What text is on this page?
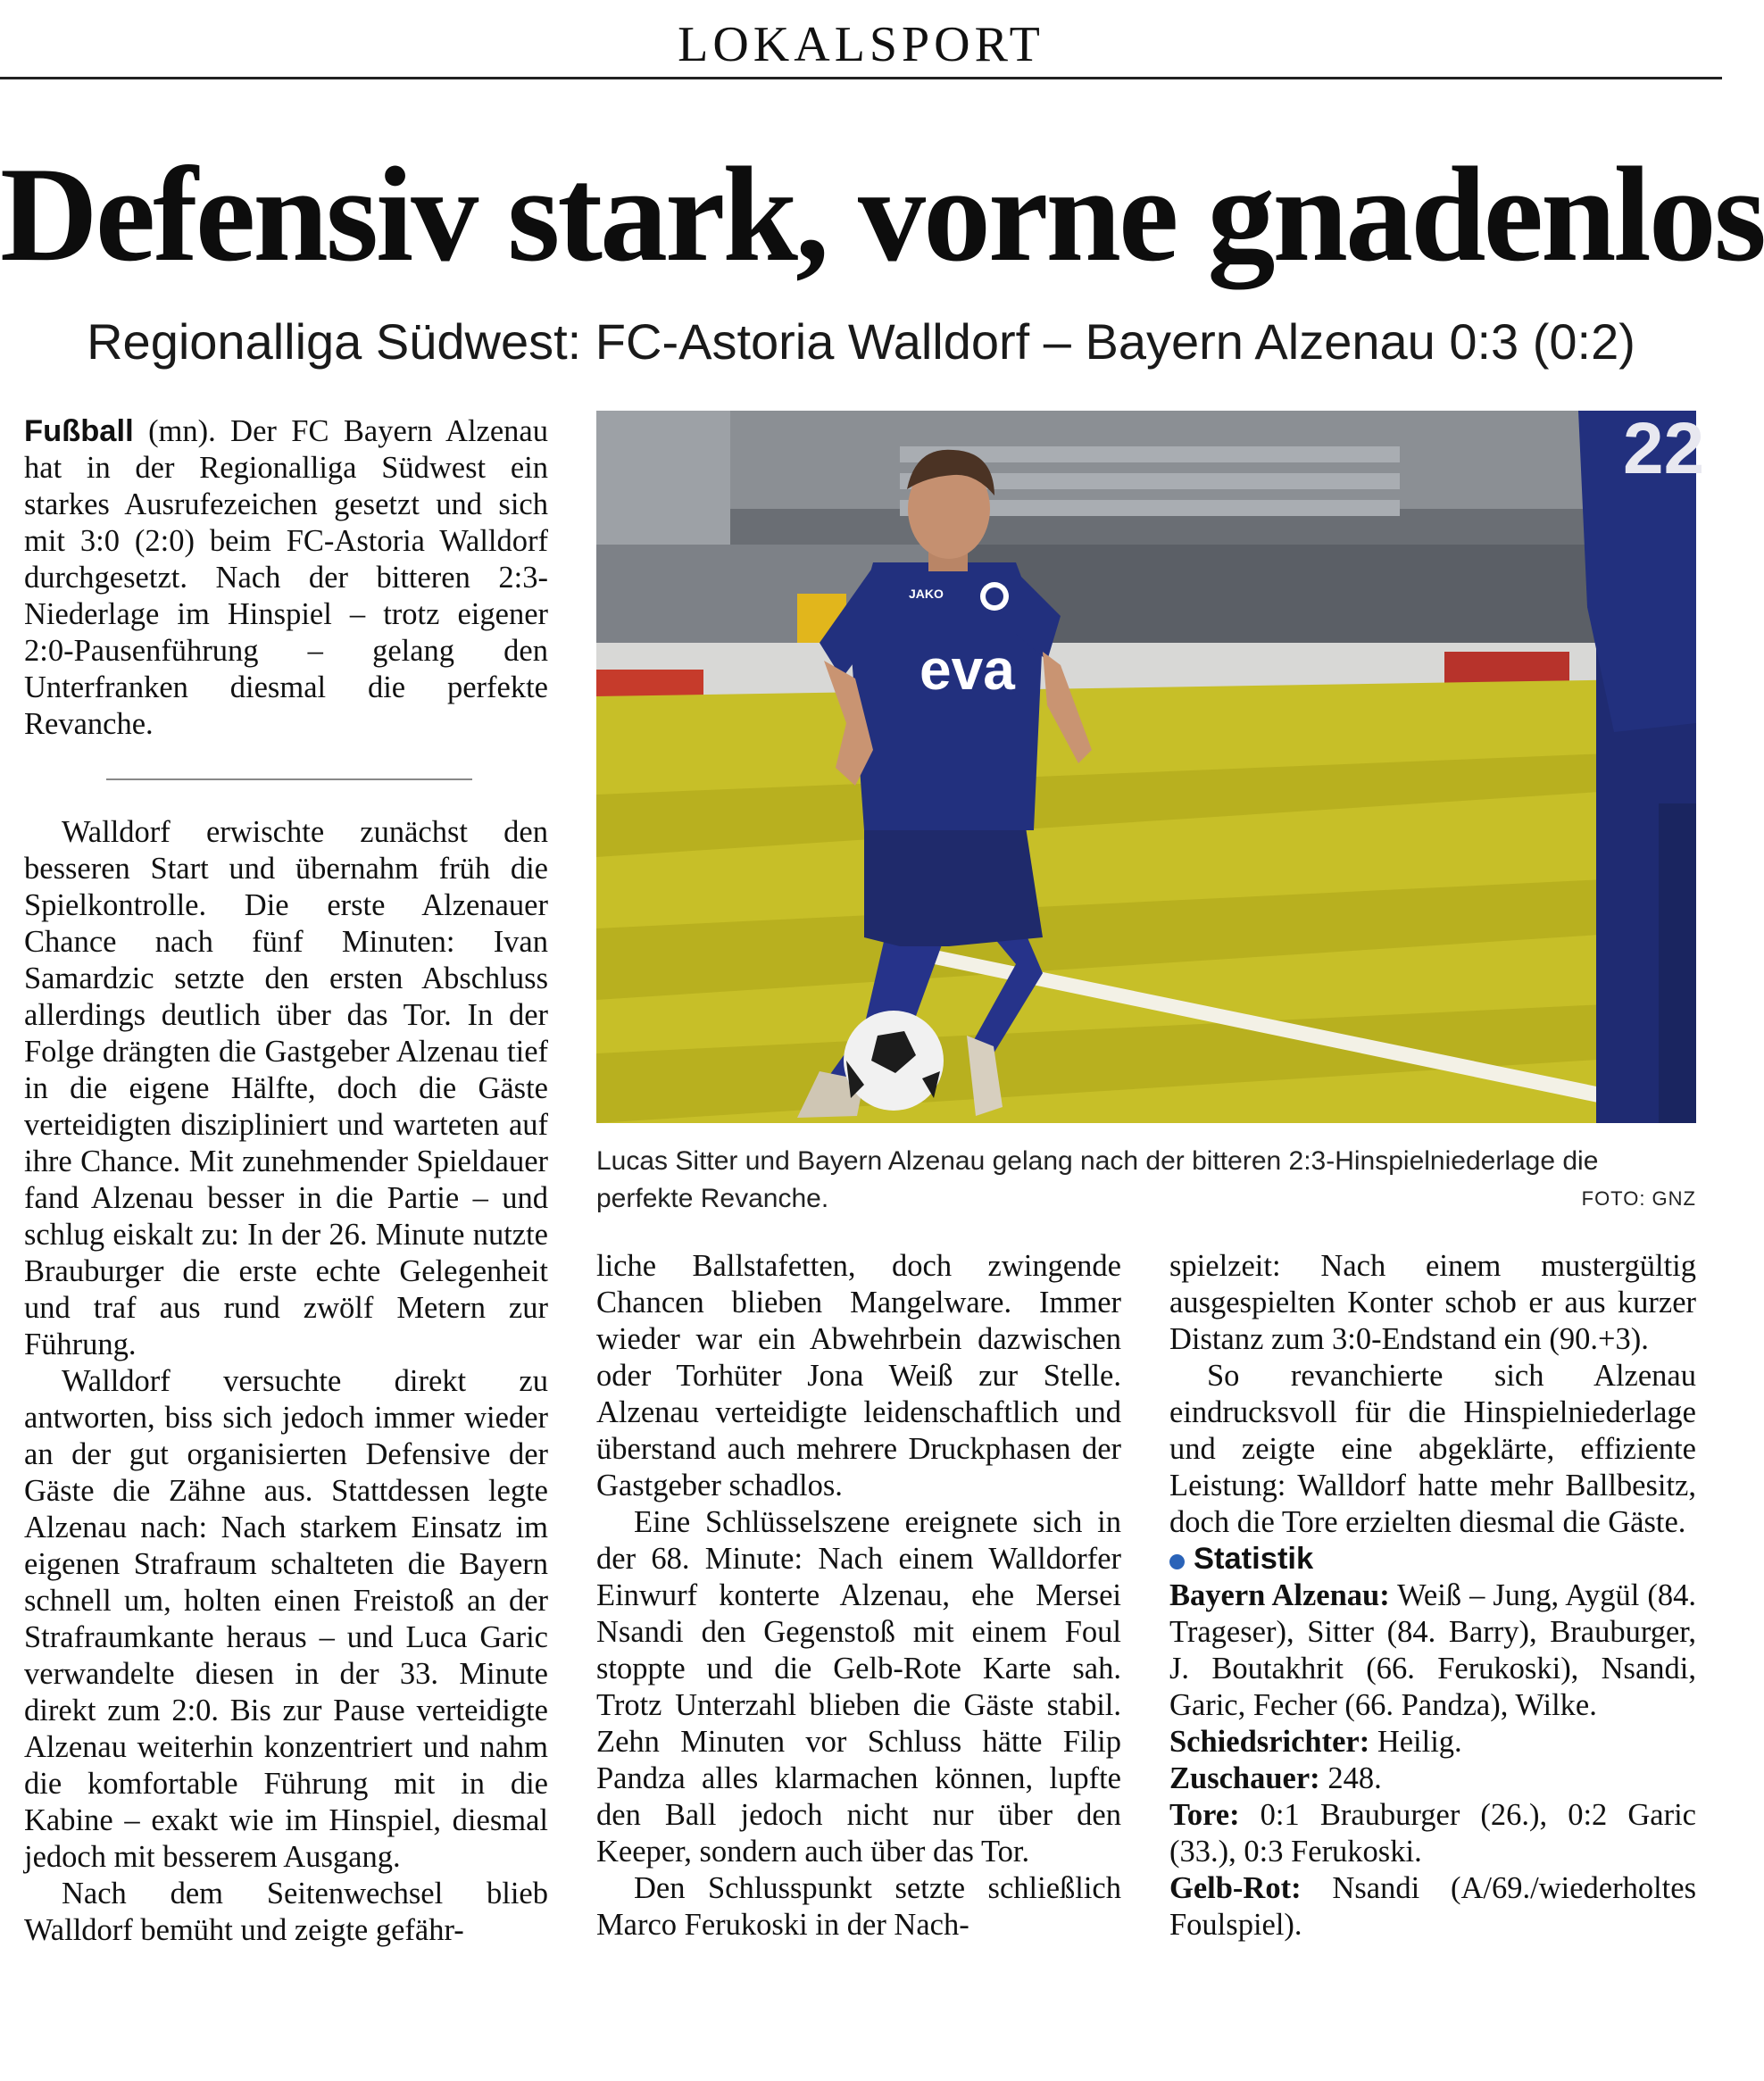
LOKALSPORT
Defensiv stark, vorne gnadenlos
Regionalliga Südwest: FC-Astoria Walldorf – Bayern Alzenau 0:3 (0:2)

Fußball (mn). Der FC Bayern Alzenau hat in der Regionalliga Südwest ein starkes Ausrufezeichen gesetzt und sich mit 3:0 (2:0) beim FC-Astoria Walldorf durchgesetzt. Nach der bitteren 2:3-Niederlage im Hinspiel – trotz eigener 2:0-Pausenführung – gelang den Unterfranken diesmal die perfekte Revanche.

Walldorf erwischte zunächst den besseren Start und übernahm früh die Spielkontrolle. Die erste Alzenauer Chance nach fünf Minuten: Ivan Samardzic setzte den ersten Abschluss allerdings deutlich über das Tor. In der Folge drängten die Gastgeber Alzenau tief in die eigene Hälfte, doch die Gäste verteidigten diszipliniert und warteten auf ihre Chance. Mit zunehmender Spieldauer fand Alzenau besser in die Partie – und schlug eiskalt zu: In der 26. Minute nutzte Brauburger die erste echte Gelegenheit und traf aus rund zwölf Metern zur Führung.

Walldorf versuchte direkt zu antworten, biss sich jedoch immer wieder an der gut organisierten Defensive der Gäste die Zähne aus. Stattdessen legte Alzenau nach: Nach starkem Einsatz im eigenen Strafraum schalteten die Bayern schnell um, holten einen Freistoß an der Strafraumkante heraus – und Luca Garic verwandelte diesen in der 33. Minute direkt zum 2:0. Bis zur Pause verteidigte Alzenau weiterhin konzentriert und nahm die komfortable Führung mit in die Kabine – exakt wie im Hinspiel, diesmal jedoch mit besserem Ausgang.

Nach dem Seitenwechsel blieb Walldorf bemüht und zeigte gefähr-

22
eva
JAKO
Lucas Sitter und Bayern Alzenau gelang nach der bitteren 2:3-Hinspielniederlage die perfekte Revanche.	FOTO: GNZ

liche Ballstafetten, doch zwingende Chancen blieben Mangelware. Immer wieder war ein Abwehrbein dazwischen oder Torhüter Jona Weiß zur Stelle. Alzenau verteidigte leidenschaftlich und überstand auch mehrere Druckphasen der Gastgeber schadlos.

Eine Schlüsselszene ereignete sich in der 68. Minute: Nach einem Walldorfer Einwurf konterte Alzenau, ehe Mersei Nsandi den Gegenstoß mit einem Foul stoppte und die Gelb-Rote Karte sah. Trotz Unterzahl blieben die Gäste stabil. Zehn Minuten vor Schluss hätte Filip Pandza alles klarmachen können, lupfte den Ball jedoch nicht nur über den Keeper, sondern auch über das Tor.

Den Schlusspunkt setzte schließlich Marco Ferukoski in der Nach-

spielzeit: Nach einem mustergültig ausgespielten Konter schob er aus kurzer Distanz zum 3:0-Endstand ein (90.+3).

So revanchierte sich Alzenau eindrucksvoll für die Hinspielniederlage und zeigte eine abgeklärte, effiziente Leistung: Walldorf hatte mehr Ballbesitz, doch die Tore erzielten diesmal die Gäste.

Statistik

Bayern Alzenau: Weiß – Jung, Aygül (84. Trageser), Sitter (84. Barry), Brauburger, J. Boutakhrit (66. Ferukoski), Nsandi, Garic, Fecher (66. Pandza), Wilke.

Schiedsrichter: Heilig.

Zuschauer: 248.

Tore: 0:1 Brauburger (26.), 0:2 Garic (33.), 0:3 Ferukoski.

Gelb-Rot: Nsandi (A/69./wiederholtes Foulspiel).
